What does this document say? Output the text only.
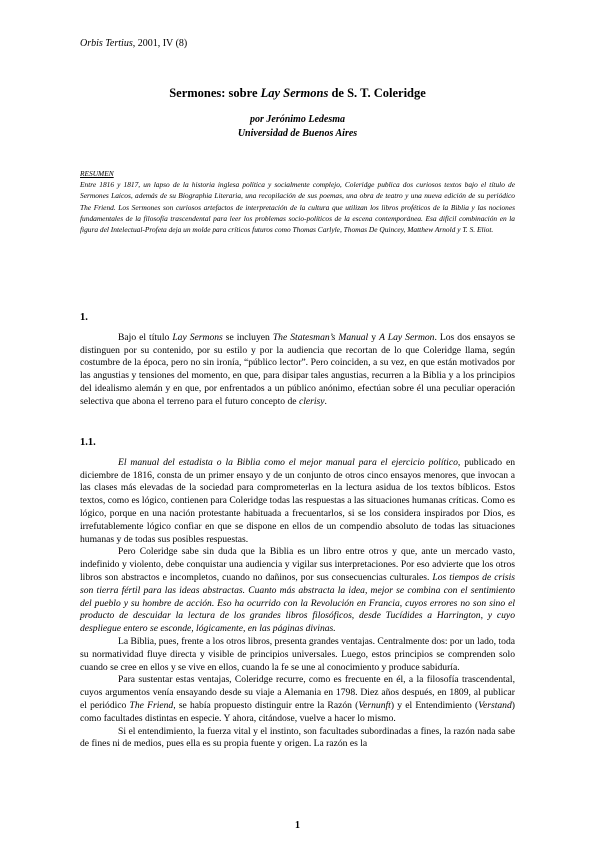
Orbis Tertius, 2001, IV (8)
Sermones: sobre Lay Sermons de S. T. Coleridge
por Jerónimo Ledesma
Universidad de Buenos Aires
RESUMEN

Entre 1816 y 1817, un lapso de la historia inglesa política y socialmente complejo, Coleridge publica dos curiosos textos bajo el título de Sermones Laicos, además de su Biographia Literaria, una recopilación de sus poemas, una obra de teatro y una nueva edición de su periódico The Friend. Los Sermones son curiosos artefactos de interpretación de la cultura que utilizan los libros proféticos de la Biblia y las nociones fundamentales de la filosofía trascendental para leer los problemas socio-políticos de la escena contemporánea. Esa difícil combinación en la figura del Intelectual-Profeta deja un molde para críticos futuros como Thomas Carlyle, Thomas De Quincey, Matthew Arnold y T. S. Eliot.

1.

Bajo el título Lay Sermons se incluyen The Statesman’s Manual y A Lay Sermon. Los dos ensayos se distinguen por su contenido, por su estilo y por la audiencia que recortan de lo que Coleridge llama, según costumbre de la época, pero no sin ironía, “público lector”. Pero coinciden, a su vez, en que están motivados por las angustias y tensiones del momento, en que, para disipar tales angustias, recurren a la Biblia y a los principios del idealismo alemán y en que, por enfrentados a un público anónimo, efectúan sobre él una peculiar operación selectiva que abona el terreno para el futuro concepto de clerisy.

1.1.

El manual del estadista o la Biblia como el mejor manual para el ejercicio político, publicado en diciembre de 1816, consta de un primer ensayo y de un conjunto de otros cinco ensayos menores, que invocan a las clases más elevadas de la sociedad para comprometerlas en la lectura asidua de los textos bíblicos. Estos textos, como es lógico, contienen para Coleridge todas las respuestas a las situaciones humanas críticas. Como es lógico, porque en una nación protestante habituada a frecuentarlos, si se los considera inspirados por Dios, es irrefutablemente lógico confiar en que se dispone en ellos de un compendio absoluto de todas las situaciones humanas y de todas sus posibles respuestas.

Pero Coleridge sabe sin duda que la Biblia es un libro entre otros y que, ante un mercado vasto, indefinido y violento, debe conquistar una audiencia y vigilar sus interpretaciones. Por eso advierte que los otros libros son abstractos e incompletos, cuando no dañinos, por sus consecuencias culturales. Los tiempos de crisis son tierra fértil para las ideas abstractas. Cuanto más abstracta la idea, mejor se combina con el sentimiento del pueblo y su hombre de acción. Eso ha ocurrido con la Revolución en Francia, cuyos errores no son sino el producto de descuidar la lectura de los grandes libros filosóficos, desde Tucídides a Harrington, y cuyo despliegue entero se esconde, lógicamente, en las páginas divinas.

La Biblia, pues, frente a los otros libros, presenta grandes ventajas. Centralmente dos: por un lado, toda su normatividad fluye directa y visible de principios universales. Luego, estos principios se comprenden solo cuando se cree en ellos y se vive en ellos, cuando la fe se une al conocimiento y produce sabiduría.

Para sustentar estas ventajas, Coleridge recurre, como es frecuente en él, a la filosofía trascendental, cuyos argumentos venía ensayando desde su viaje a Alemania en 1798. Diez años después, en 1809, al publicar el periódico The Friend, se había propuesto distinguir entre la Razón (Vernunft) y el Entendimiento (Verstand) como facultades distintas en especie. Y ahora, citándose, vuelve a hacer lo mismo.

Si el entendimiento, la fuerza vital y el instinto, son facultades subordinadas a fines, la razón nada sabe de fines ni de medios, pues ella es su propia fuente y origen. La razón es la

1
